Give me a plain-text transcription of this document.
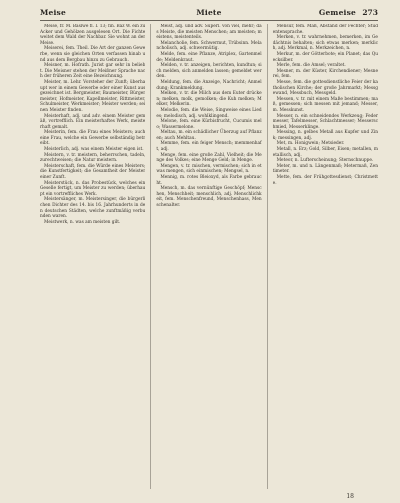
Meise	Miete	Gemeise 273

Meise, fr. M. Baslwe fl. I. 13; fin. Baz W. ein zu Acker und Gehölzen ausgelesen Ort. Die Fichte weitet dem Wald der Nachbar. Sie wohnt an der Meise.

Meiserei, fem. Theil. Die Art der ganzen Gewerbe, wenn sie gleichen Orten verfassen hinab und aus dem Bergbau hinzu zu Gebrauch.

Meisner, m. Hofrath. Jurist gar sehr in beliebt. Die Meisner stehen der Meißner Sprache nach der früheren Zeit eine Bezeichnung.

Meister, m. Lehr. Vorsteher der Zunft; überhaupt wer in einem Gewerbe oder einer Kunst ausgezeichnet ist. Bergmeister, Baumeister, Bürgermeister, Hofmeister, Kapellmeister, Rittmeister, Schulmeister, Werkmeister; Meister werden; seinen Meister finden.

Meisterhaft, adj. und adv. einem Meister gemäß, vortrefflich. Ein meisterhaftes Werk, meisterhaft gemalt.

Meisterin, fem. die Frau eines Meisters; auch eine Frau, welche ein Gewerbe selbständig betreibt.

Meisterlich, adj. was einem Meister eigen ist.

Meistern, v. tr. meistern, beherrschen, tadeln, zurechtweisen; die Natur meistern.

Meisterschaft, fem. die Würde eines Meisters; die Kunstfertigkeit; die Gesamtheit der Meister einer Zunft.

Meisterstück, n. das Probestück, welches ein Geselle fertigt, um Meister zu werden; überhaupt ein vortreffliches Werk.

Meistersänger, m. Meistersinger, die bürgerlichen Dichter des 14. bis 16. Jahrhunderts in den deutschen Städten, welche zunftmäßig verbunden waren.

Meistwerk, n. was am meisten gilt.

Meist, adj. und adv. Superl. von viel, mehr; das Meiste, die meisten Menschen; am meisten; meistens, meistenteils.

Melancholie, fem. Schwermut, Trübsinn. Melancholisch, adj. schwermütig.

Melde, fem. eine Pflanze, Atriplex, Gartenmelde; Meldenkraut.

Melden, v. tr. anzeigen, berichten, kundtun; sich melden, sich anmelden lassen; gemeldet werden.

Meldung, fem. die Anzeige, Nachricht; Anmeldung; Krankmeldung.

Melken, v. tr. die Milch aus dem Euter drücken; melken, molk, gemolken; die Kuh melken; Melker, Melkerin.

Melodie, fem. die Weise, Singweise eines Liedes; melodisch, adj. wohlklingend.

Melone, fem. eine Kürbisfrucht, Cucumis melo; Wassermelone.

Meltau, m. ein schädlicher Überzug auf Pflanzen; auch Mehltau.

Memme, fem. ein feiger Mensch; memmenhaft, adj.

Menge, fem. eine große Zahl, Vielheit; die Menge des Volkes; eine Menge Geld; in Menge.

Mengen, v. tr. mischen, vermischen; sich in etwas mengen, sich einmischen; Mengsel, n.

Mennig, m. rotes Bleioxyd, als Farbe gebraucht.

Mensch, m. das vernünftige Geschöpf; Menschen, Menschheit; menschlich, adj. Menschlichkeit, fem. Menschenfreund, Menschenhass, Menschenalter.

Mensur, fem. Maß, Abstand der Fechter; Studentensprache.

Merken, v. tr. wahrnehmen, bemerken, im Gedächtnis behalten; sich etwas merken; merklich, adj. Merkmal, n. Merkzeichen, n.

Merkur, m. der Götterbote; ein Planet; das Quecksilber.

Merle, fem. die Amsel; veraltet.

Mesner, m. der Küster, Kirchendiener; Mesnerei, fem.

Messe, fem. die gottesdienstliche Feier der katholischen Kirche; der große Jahrmarkt; Messgewand, Messbuch, Messgeld.

Messen, v. tr. mit einem Maße bestimmen; maß, gemessen; sich messen mit jemand; Messer, m. Messkunst.

Messer, n. ein schneidendes Werkzeug; Federmesser, Tafelmesser, Schlachtmesser; Messerschmied, Messerklinge.

Messing, n. gelbes Metall aus Kupfer und Zink; messingen, adj.

Met, m. Honigwein; Metsieder.

Metall, n. Erz; Gold, Silber, Eisen; metallen, metallisch, adj.

Meteor, n. Lufterscheinung; Sternschnuppe.

Meter, m. und n. Längenmaß; Metermaß, Zentimeter.

Mette, fem. der Frühgottesdienst; Christmette.

18
